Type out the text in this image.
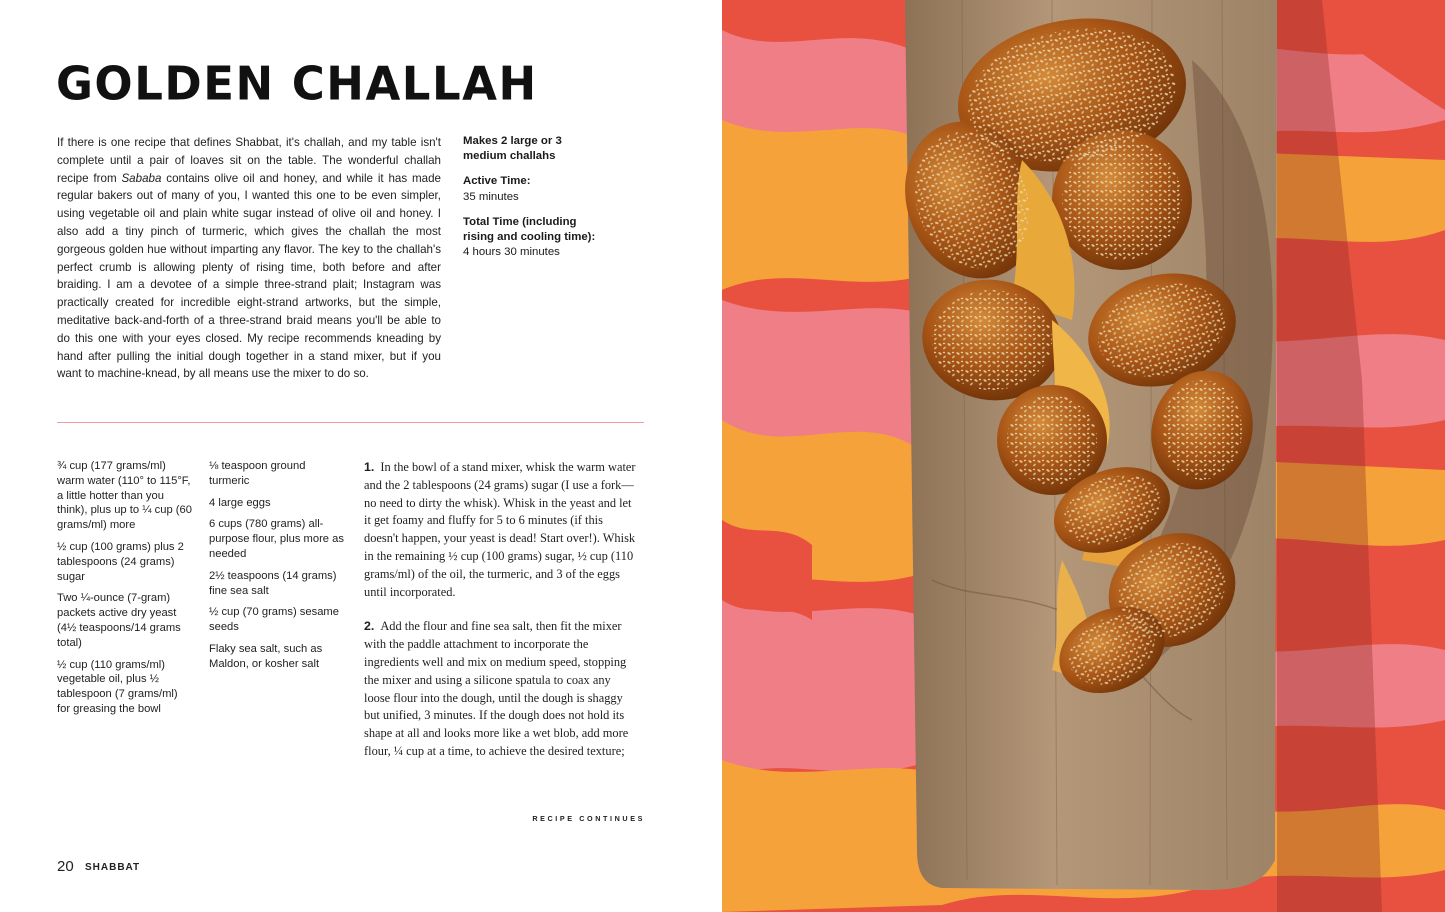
GOLDEN CHALLAH

If there is one recipe that defines Shabbat, it's challah, and my table isn't complete until a pair of loaves sit on the table. The wonderful challah recipe from Sababa contains olive oil and honey, and while it has made regular bakers out of many of you, I wanted this one to be even simpler, using vegetable oil and plain white sugar instead of olive oil and honey. I also add a tiny pinch of turmeric, which gives the challah the most gorgeous golden hue without imparting any flavor. The key to the challah's perfect crumb is allowing plenty of rising time, both before and after braiding. I am a devotee of a simple three-strand plait; Instagram was practically created for incredible eight-strand artworks, but the simple, meditative back-and-forth of a three-strand braid means you'll be able to do this one with your eyes closed. My recipe recommends kneading by hand after pulling the initial dough together in a stand mixer, but if you want to machine-knead, by all means use the mixer to do so.

Makes 2 large or 3 medium challahs
Active Time:
35 minutes
Total Time (including rising and cooling time):
4 hours 30 minutes
¾ cup (177 grams/ml) warm water (110° to 115°F, a little hotter than you think), plus up to ¼ cup (60 grams/ml) more
½ cup (100 grams) plus 2 tablespoons (24 grams) sugar
Two ¼-ounce (7-gram) packets active dry yeast (4½ teaspoons/14 grams total)
½ cup (110 grams/ml) vegetable oil, plus ½ tablespoon (7 grams/ml) for greasing the bowl
⅛ teaspoon ground turmeric
4 large eggs
6 cups (780 grams) all-purpose flour, plus more as needed
2½ teaspoons (14 grams) fine sea salt
½ cup (70 grams) sesame seeds
Flaky sea salt, such as Maldon, or kosher salt

1. In the bowl of a stand mixer, whisk the warm water and the 2 tablespoons (24 grams) sugar (I use a fork—no need to dirty the whisk). Whisk in the yeast and let it get foamy and fluffy for 5 to 6 minutes (if this doesn't happen, your yeast is dead! Start over!). Whisk in the remaining ½ cup (100 grams) sugar, ½ cup (110 grams/ml) of the oil, the turmeric, and 3 of the eggs until incorporated.

2. Add the flour and fine sea salt, then fit the mixer with the paddle attachment to incorporate the ingredients well and mix on medium speed, stopping the mixer and using a silicone spatula to coax any loose flour into the dough, until the dough is shaggy but unified, 3 minutes. If the dough does not hold its shape at all and looks more like a wet blob, add more flour, ¼ cup at a time, to achieve the desired texture;

RECIPE CONTINUES
20 SHABBAT
